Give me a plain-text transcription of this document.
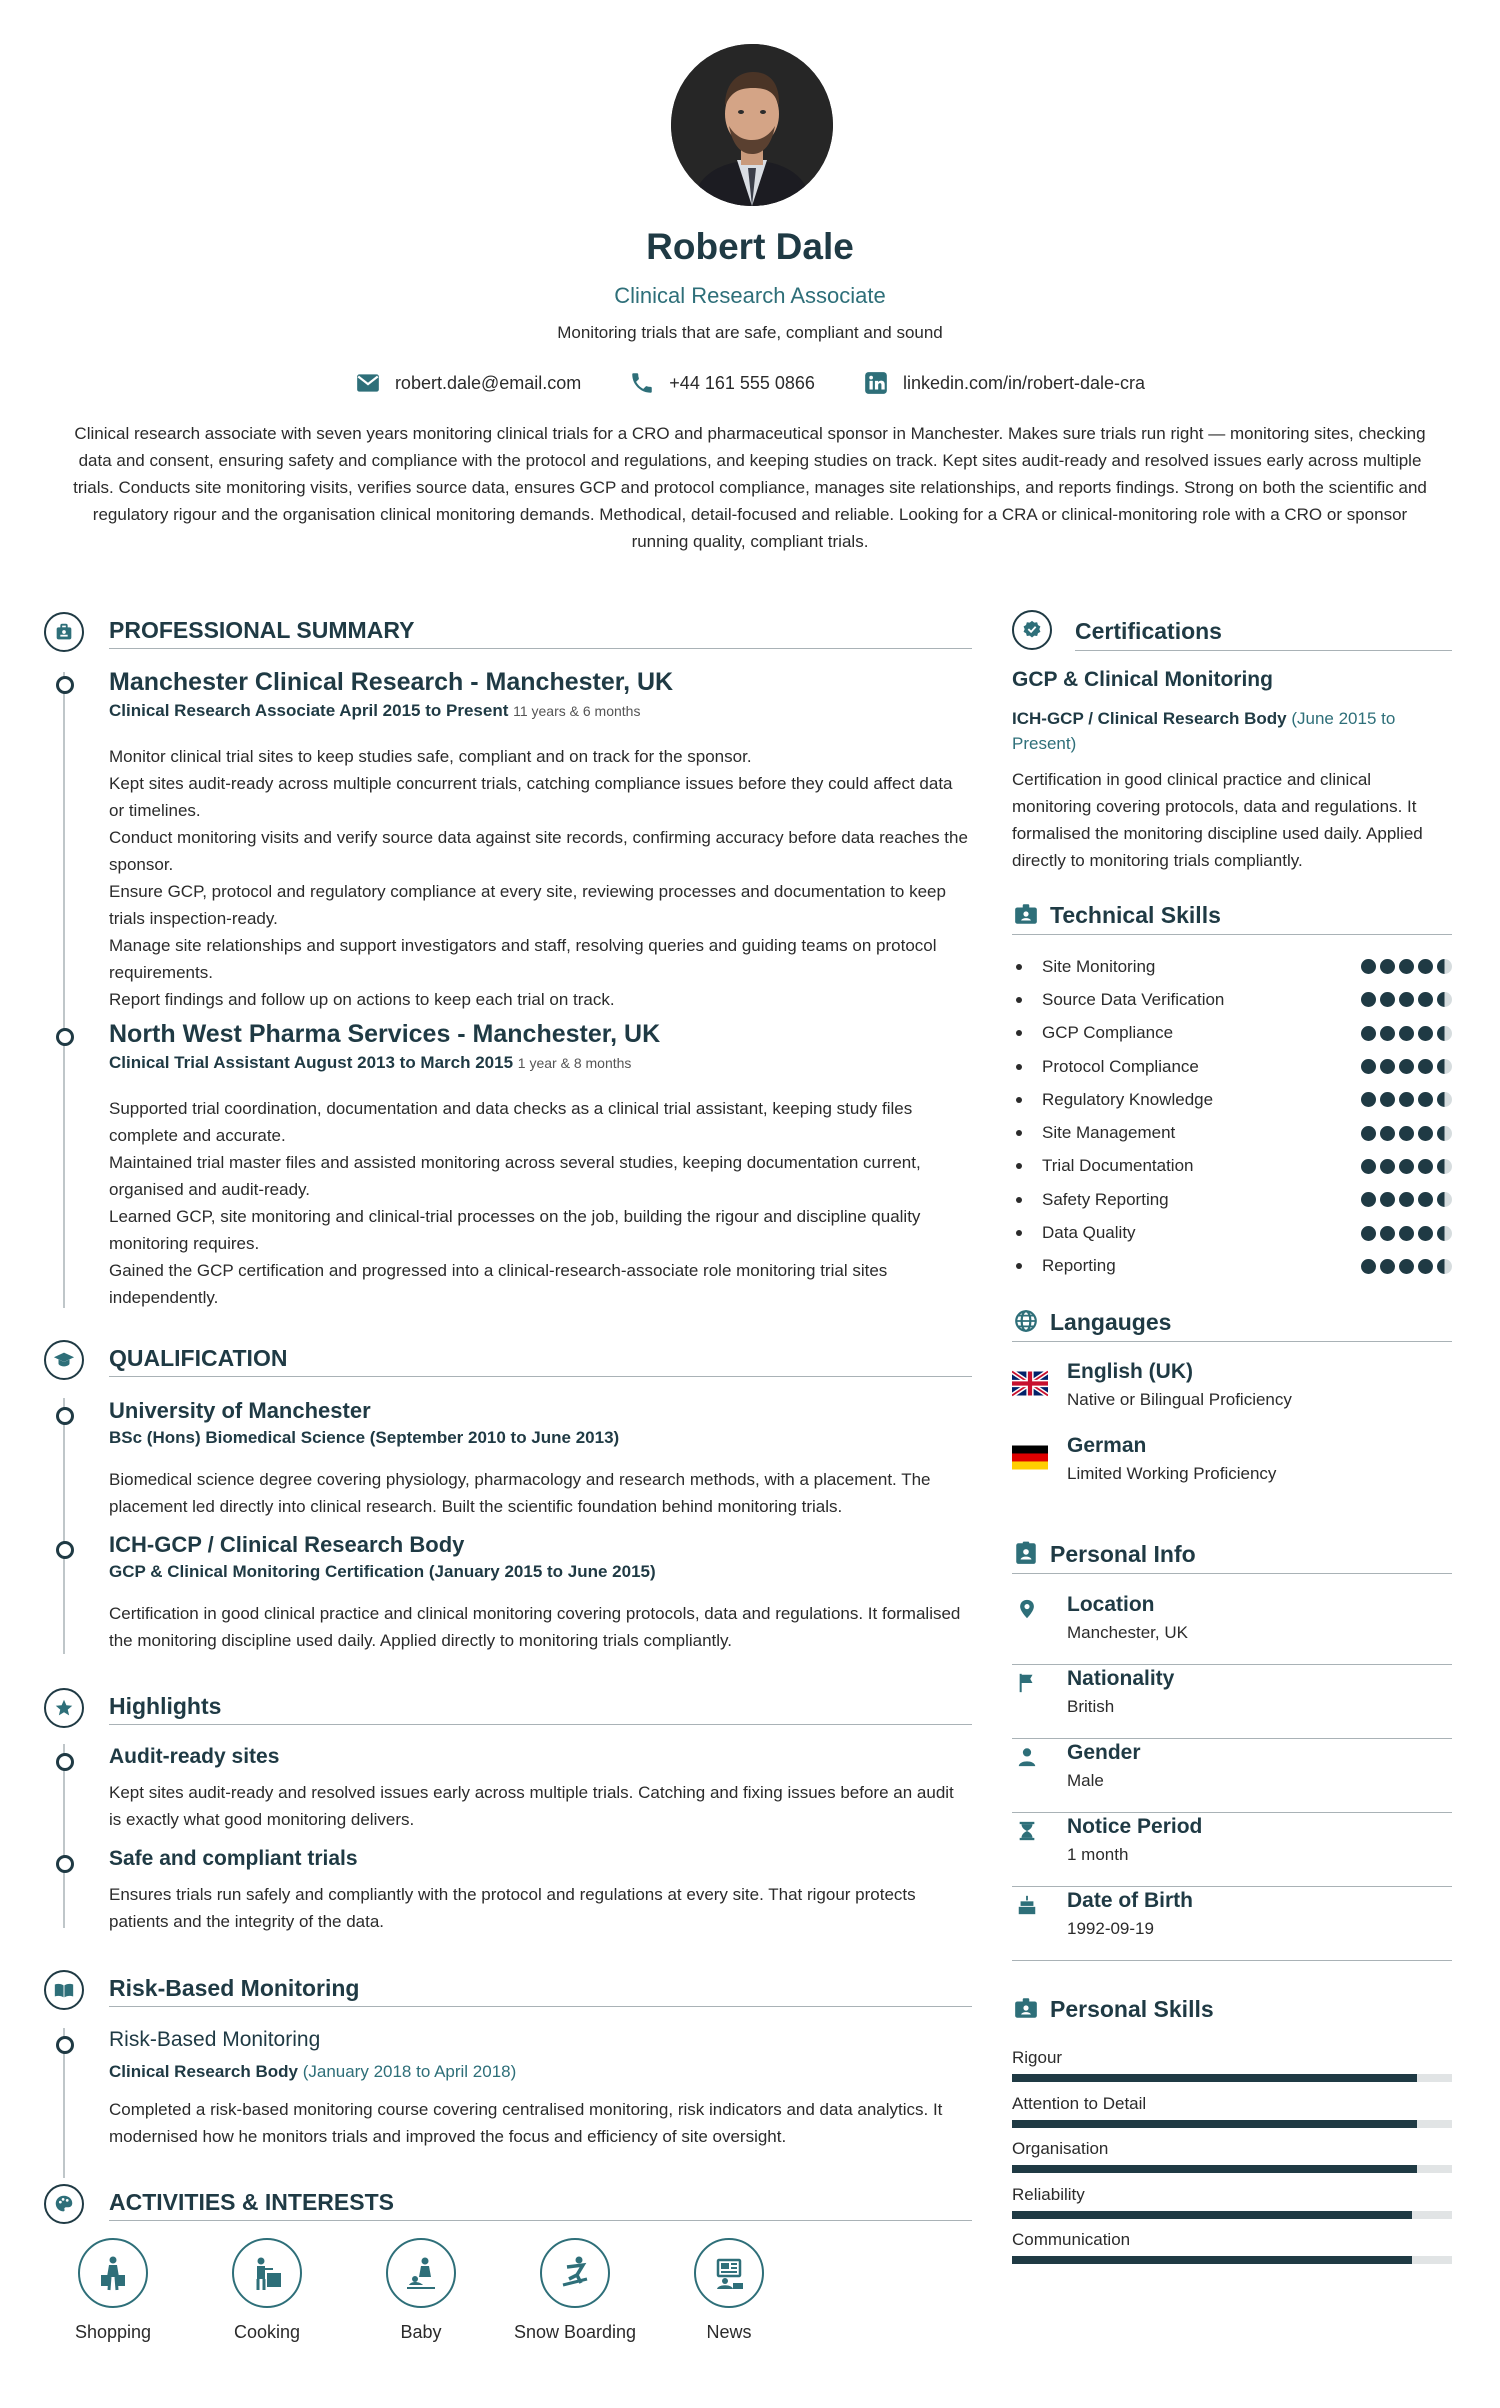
Robert Dale
Clinical Research Associate
Monitoring trials that are safe, compliant and sound
robert.dale@email.com	+44 161 555 0866	linkedin.com/in/robert-dale-cra
Clinical research associate with seven years monitoring clinical trials for a CRO and pharmaceutical sponsor in Manchester. Makes sure trials run right — monitoring sites, checking data and consent, ensuring safety and compliance with the protocol and regulations, and keeping studies on track. Kept sites audit-ready and resolved issues early across multiple trials. Conducts site monitoring visits, verifies source data, ensures GCP and protocol compliance, manages site relationships, and reports findings. Strong on both the scientific and regulatory rigour and the organisation clinical monitoring demands. Methodical, detail-focused and reliable. Looking for a CRA or clinical-monitoring role with a CRO or sponsor running quality, compliant trials.
PROFESSIONAL SUMMARY
Manchester Clinical Research - Manchester, UK
Clinical Research Associate April 2015 to Present 11 years & 6 months

Monitor clinical trial sites to keep studies safe, compliant and on track for the sponsor.

Kept sites audit-ready across multiple concurrent trials, catching compliance issues before they could affect data or timelines.

Conduct monitoring visits and verify source data against site records, confirming accuracy before data reaches the sponsor.

Ensure GCP, protocol and regulatory compliance at every site, reviewing processes and documentation to keep trials inspection-ready.

Manage site relationships and support investigators and staff, resolving queries and guiding teams on protocol requirements.

Report findings and follow up on actions to keep each trial on track.

North West Pharma Services - Manchester, UK
Clinical Trial Assistant August 2013 to March 2015 1 year & 8 months

Supported trial coordination, documentation and data checks as a clinical trial assistant, keeping study files complete and accurate.

Maintained trial master files and assisted monitoring across several studies, keeping documentation current, organised and audit-ready.

Learned GCP, site monitoring and clinical-trial processes on the job, building the rigour and discipline quality monitoring requires.

Gained the GCP certification and progressed into a clinical-research-associate role monitoring trial sites independently.

QUALIFICATION
University of Manchester
BSc (Hons) Biomedical Science (September 2010 to June 2013)
Biomedical science degree covering physiology, pharmacology and research methods, with a placement. The placement led directly into clinical research. Built the scientific foundation behind monitoring trials.
ICH-GCP / Clinical Research Body
GCP & Clinical Monitoring Certification (January 2015 to June 2015)
Certification in good clinical practice and clinical monitoring covering protocols, data and regulations. It formalised the monitoring discipline used daily. Applied directly to monitoring trials compliantly.
Highlights
Audit-ready sites
Kept sites audit-ready and resolved issues early across multiple trials. Catching and fixing issues before an audit is exactly what good monitoring delivers.
Safe and compliant trials
Ensures trials run safely and compliantly with the protocol and regulations at every site. That rigour protects patients and the integrity of the data.
Risk-Based Monitoring
Risk-Based Monitoring
Clinical Research Body (January 2018 to April 2018)
Completed a risk-based monitoring course covering centralised monitoring, risk indicators and data analytics. It modernised how he monitors trials and improved the focus and efficiency of site oversight.
ACTIVITIES & INTERESTS
Shopping	Cooking	Baby	Snow Boarding	News
Certifications
GCP & Clinical Monitoring
ICH-GCP / Clinical Research Body (June 2015 to Present)
Certification in good clinical practice and clinical monitoring covering protocols, data and regulations. It formalised the monitoring discipline used daily. Applied directly to monitoring trials compliantly.
Technical Skills
Site Monitoring
Source Data Verification
GCP Compliance
Protocol Compliance
Regulatory Knowledge
Site Management
Trial Documentation
Safety Reporting
Data Quality
Reporting
Langauges
English (UK)
Native or Bilingual Proficiency
German
Limited Working Proficiency
Personal Info
Location
Manchester, UK
Nationality
British
Gender
Male
Notice Period
1 month
Date of Birth
1992-09-19
Personal Skills
Rigour
Attention to Detail
Organisation
Reliability
Communication
